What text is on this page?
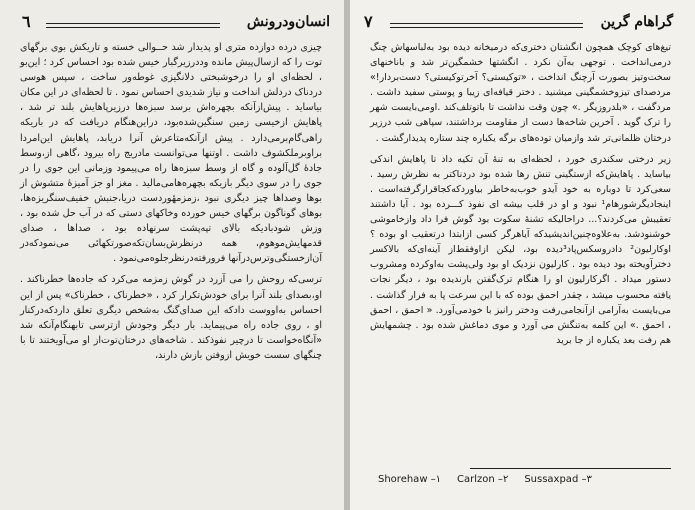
انسان‌ودرونش
٦

چیزی درده دوازده متری او پدیدار شد حــوالی خسته و تاریکش بوی برگهای توت را که ازسال‌پیش مانده وددرزیرگبار خیس شده بود احساس کرد ؛ این‌بو ، لحظه‌ای او را درخوشبختی دلانگیزی غوطه‌ور ساخت ، سپس هوسی دردناک دردلش انداخت و نیاز شدیدی احساس نمود . تا لحظه‌ای در این مکان بیاساید . پیش‌ازآنکه بچهره‌اش برسد سبزه‌ها درزیرپاهایش بلند تر شد ، پاهایش ازخیسی زمین سنگین‌شده‌بود، دراین‌هنگام دریافت که در باریکه راهی‌گام‌برمی‌دارد . پیش ازآنکه‌متاعرش آنرا دریابد، پاهایش این‌امردا براوبرملکشوف داشت . اوتنها می‌توانست ماد‌ریج راه بیرود ،گاهی از،وسط جادهٔ گل‌آلوده و گاه از وسط سبزه‌ها راه می‌پیمود وزمانی این جوی را در جوی را در سوی دیگر بازیکه بچهره‌هامی‌مالید . مغز او جز آمیزهٔ متشوش از بوها وصداها چیز دیگری نبود ،زمزمهٔوردست دریا،جنبش خفیف‌سنگریزه‌ها، بوهای گوناگون برگهای خیس خورده وخاکهای دستی که در آب حل شده بود ، وزش شودبادیکه بالای تپه‌پشت سرنهاده بود ، صداها ، صدای قدمهایش‌موهوم، همه درنظرش‌بسان‌تکه‌صورتکهائی می‌نمودکه‌در آن‌ازخستگی‌وترس‌درآنها فرورفته‌درنظرجلوه‌می‌نمود .

ترسی‌که روحش را می آزرد در گوش زمزمه می‌کرد که جاده‌ها خطرناکند . او،بصدای بلند آنرا برای خودش‌تکرار کرد ، «خطرناک ، خطرناک» پس از این احساس به‌اووست داد‌که این صدای‌گنگ به‌شخص دیگری تعلق دارد‌که‌درکنار او ، روی جاده راه می‌پیماید. بار دیگر وجودش ازترسی تا‌بهنگام‌آنکه شد «آنگاه‌خواست تا درچیر نفوذکند . شاخه‌های درختان‌توت‌از او می‌آویختند تا با چنگهای سست خویش ازوفتن بازش دارند،

گراهام گرین
٧

تیغ‌های کوچک همچون انگشتان دختری‌که درمیخانه دیده بود به‌لباسهاش چنگ درمی‌انداخت . توجهی به‌آن نکرد . انگشتها خشمگین‌تر شد و باناخنهای سخت‌وتیز بصورت آرچنگ انداخت ، «توکیستی؟ آخرتوکیستی؟ دست‌بردار!» مردصدای تیزوخشمگینی میشنید . دختر قیافه‌ای زیبا و پوستی سفید داشت . مردگفت ، «بلدروزیگر .» چون وقت نداشت تا باتوتلف‌کند .اومی‌بایست شهر را ترک گوید . آخرین شاخه‌ها دست از مقاومت برداشتند، سپاهی شب درزیر درختان ظلمانی‌تر شد وازمیان توده‌های برگه یکباره چند ستاره پدیدارگشت .

زیر درختی سکندری خورد ، لحظه‌ای به تنهٔ آن تکیه داد تا پاهایش اندکی بیاساید . پاهایش‌که ازستگینی تنش رها شده بود دردناکتر به نظرش رسید . سعی‌کرد تا دوباره به خود آیدو خوب‌به‌خاطر بیاوردکه‌کجاقرارگرفته‌است . اینجادیگرشورهام¹ نبود و او در قلب بیشه ای نفوذ کـــرده بود . آیا داشتند تعقیبش می‌کردند؟... دراحالیکه تشنهٔ سکوت بود گوش فرا داد وازخاموشی خوشنودشد. به‌علاوه‌چنین‌اندیشید‌که آیاهرگر کسی از‌ابتدا درتعقیب او بوده ؟اوکارلیون² دادروسکس‌پاد³دیده بود، لیکن ازاوفقط‌از آینه‌ای‌که بالاکسر دختر‌آویخته بود دیده بود . کارلیون نزدیک او بود ولی‌پشت به‌اوکرده ومشروب دستور میداد . اگرکارلیون او را هنگام ترک‌گفتن بارندیده بود ، دیگر نجات یافته محسوب میشد ، چقدر احمق بوده که با این سرعت پا به فرار گذاشت . می‌بایست به‌آرامی ازآنجامی‌رفت ودختر رانیز با خودمی‌آورد. « احمق ، احمق ، احمق .» این کلمه به‌تنگش می آورد و موی دماغش شده بود . چشمهایش هم رفت بعد یکباره از جا برید

Shorehaw –١ Carlzon –٢ Sussaxpad –٣
